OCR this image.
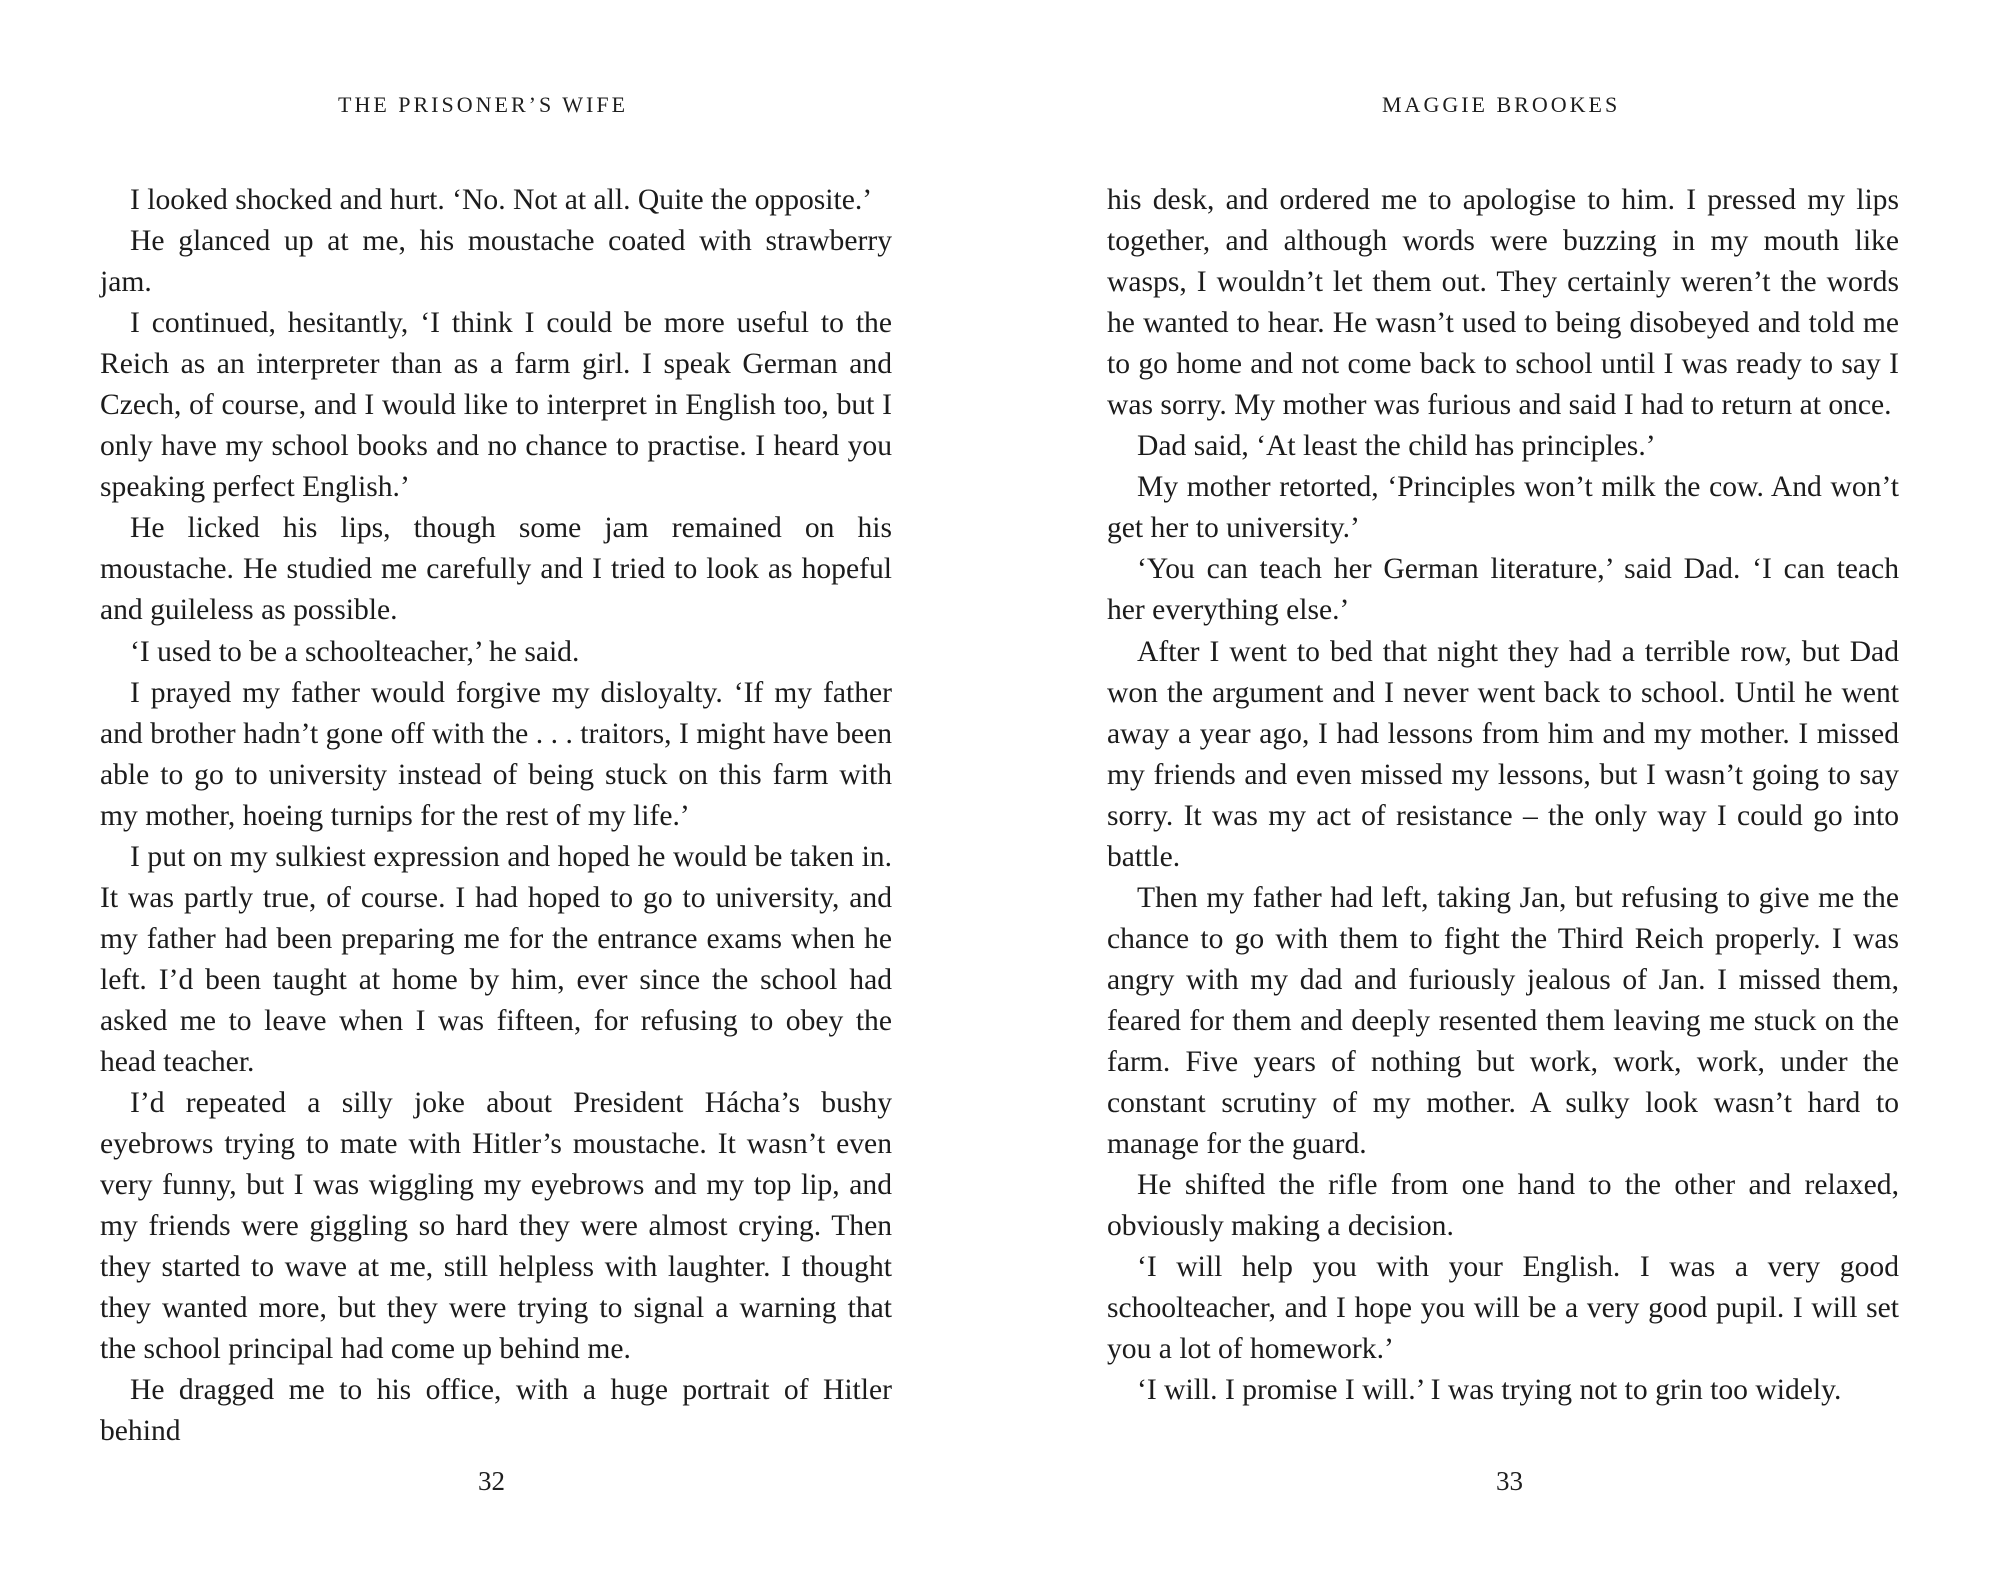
THE PRISONER’S WIFE

I looked shocked and hurt. ‘No. Not at all. Quite the opposite.’

He glanced up at me, his moustache coated with strawberry jam.

I continued, hesitantly, ‘I think I could be more useful to the Reich as an interpreter than as a farm girl. I speak German and Czech, of course, and I would like to interpret in English too, but I only have my school books and no chance to practise. I heard you speaking perfect English.’

He licked his lips, though some jam remained on his moustache. He studied me carefully and I tried to look as hopeful and guileless as possible.

‘I used to be a schoolteacher,’ he said.

I prayed my father would forgive my disloyalty. ‘If my father and brother hadn’t gone off with the . . . traitors, I might have been able to go to university instead of being stuck on this farm with my mother, hoeing turnips for the rest of my life.’

I put on my sulkiest expression and hoped he would be taken in. It was partly true, of course. I had hoped to go to university, and my father had been preparing me for the entrance exams when he left. I’d been taught at home by him, ever since the school had asked me to leave when I was fifteen, for refusing to obey the head teacher.

I’d repeated a silly joke about President Hácha’s bushy eyebrows trying to mate with Hitler’s moustache. It wasn’t even very funny, but I was wiggling my eyebrows and my top lip, and my friends were giggling so hard they were almost crying. Then they started to wave at me, still helpless with laughter. I thought they wanted more, but they were trying to signal a warning that the school principal had come up behind me.

He dragged me to his office, with a huge portrait of Hitler behind

32
MAGGIE BROOKES

his desk, and ordered me to apologise to him. I pressed my lips together, and although words were buzzing in my mouth like wasps, I wouldn’t let them out. They certainly weren’t the words he wanted to hear. He wasn’t used to being disobeyed and told me to go home and not come back to school until I was ready to say I was sorry. My mother was furious and said I had to return at once.

Dad said, ‘At least the child has principles.’

My mother retorted, ‘Principles won’t milk the cow. And won’t get her to university.’

‘You can teach her German literature,’ said Dad. ‘I can teach her everything else.’

After I went to bed that night they had a terrible row, but Dad won the argument and I never went back to school. Until he went away a year ago, I had lessons from him and my mother. I missed my friends and even missed my lessons, but I wasn’t going to say sorry. It was my act of resistance – the only way I could go into battle.

Then my father had left, taking Jan, but refusing to give me the chance to go with them to fight the Third Reich properly. I was angry with my dad and furiously jealous of Jan. I missed them, feared for them and deeply resented them leaving me stuck on the farm. Five years of nothing but work, work, work, under the constant scrutiny of my mother. A sulky look wasn’t hard to manage for the guard.

He shifted the rifle from one hand to the other and relaxed, obviously making a decision.

‘I will help you with your English. I was a very good schoolteacher, and I hope you will be a very good pupil. I will set you a lot of homework.’

‘I will. I promise I will.’ I was trying not to grin too widely.

33
